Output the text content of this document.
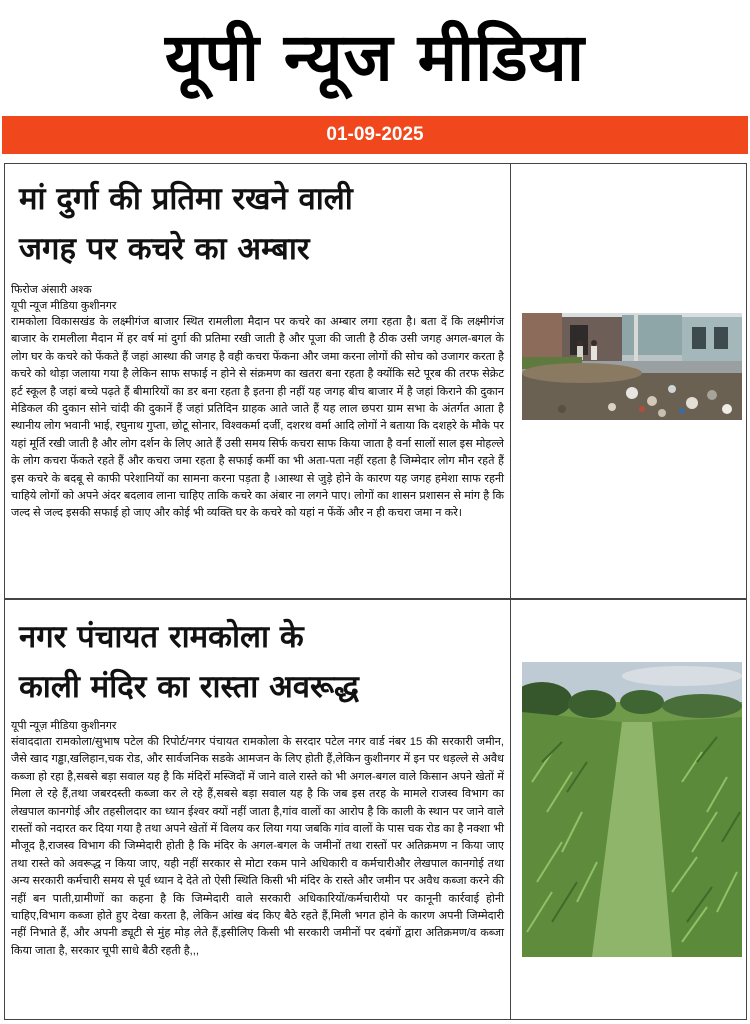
यूपी न्यूज मीडिया
01-09-2025
मां दुर्गा की प्रतिमा रखने वाली
जगह पर कचरे का अम्बार
फिरोज अंसारी अश्क
यूपी न्यूज मीडिया कुशीनगर

रामकोला विकासखंड के लक्ष्मीगंज बाजार स्थित रामलीला मैदान पर कचरे का अम्बार लगा रहता है। बता दें कि लक्ष्मीगंज बाजार के रामलीला मैदान में हर वर्ष मां दुर्गा की प्रतिमा रखी जाती है और पूजा की जाती है ठीक उसी जगह अगल-बगल के लोग घर के कचरे को फेंकते हैं जहां आस्था की जगह है वही कचरा फेंकना और जमा करना लोगों की सोच को उजागर करता है कचरे को थोड़ा जलाया गया है लेकिन साफ सफाई न होने से संक्रमण का खतरा बना रहता है क्योंकि सटे पूरब की तरफ सेक्रेट हर्ट स्कूल है जहां बच्चे पढ़ते हैं बीमारियों का डर बना रहता है इतना ही नहीं यह जगह बीच बाजार में है जहां किराने की दुकान मेडिकल की दुकान सोने चांदी की दुकानें हैं जहां प्रतिदिन ग्राहक आते जाते हैं यह लाल छपरा ग्राम सभा के अंतर्गत आता है स्थानीय लोग भवानी भाई, रघुनाथ गुप्ता, छोटू सोनार, विश्वकर्मा दर्जी, दशरथ वर्मा आदि लोगों ने बताया कि दशहरे के मौके पर यहां मूर्ति रखी जाती है और लोग दर्शन के लिए आते हैं उसी समय सिर्फ कचरा साफ किया जाता है वर्ना सालों साल इस मोहल्ले के लोग कचरा फेंकते रहते हैं और कचरा जमा रहता है सफाई कर्मी का भी अता-पता नहीं रहता है जिम्मेदार लोग मौन रहते हैं इस कचरे के बदबू से काफी परेशानियों का सामना करना पड़ता है ।आस्था से जुड़े होने के कारण यह जगह हमेशा साफ रहनी चाहिये लोगों को अपने अंदर बदलाव लाना चाहिए ताकि कचरे का अंबार ना लगने पाए। लोगों का शासन प्रशासन से मांग है कि जल्द से जल्द इसकी सफाई हो जाए और कोई भी व्यक्ति घर के कचरे को यहां न फेंकें और न ही कचरा जमा न करे।

नगर पंचायत रामकोला के
काली मंदिर का रास्ता अवरूद्ध
यूपी न्यूज़ मीडिया कुशीनगर

संवाददाता रामकोला/सुभाष पटेल की रिपोर्ट/नगर पंचायत रामकोला के सरदार पटेल नगर वार्ड नंबर 15 की सरकारी जमीन, जैसे खाद गड्ढा,खलिहान,चक रोड, और सार्वजनिक सडके आमजन के लिए होती हैं,लेकिन कुशीनगर में इन पर धड़ल्ले से अवैध कब्जा हो रहा है,सबसे बड़ा सवाल यह है कि मंदिरों मस्जिदों में जाने वाले रास्ते को भी अगल-बगल वाले किसान अपने खेतों में मिला ले रहे हैं,तथा जबरदस्ती कब्जा कर ले रहे हैं,सबसे बड़ा सवाल यह है कि जब इस तरह के मामले राजस्व विभाग का लेखपाल कानगोई और तहसीलदार का ध्यान ईश्वर क्यों नहीं जाता है,गांव वालों का आरोप है कि काली के स्थान पर जाने वाले रास्तों को नदारत कर दिया गया है तथा अपने खेतों में विलय कर लिया गया जबकि गांव वालों के पास चक रोड का है नक्शा भी मौजूद है,राजस्व विभाग की जिम्मेदारी होती है कि मंदिर के अगल-बगल के जमीनों तथा रास्तों पर अतिक्रमण न किया जाए तथा रास्ते को अवरूद्ध न किया जाए, यही नहीं सरकार से मोटा रकम पाने अधिकारी व कर्मचारीऔर लेखपाल कानगोई तथा अन्य सरकारी कर्मचारी समय से पूर्व ध्यान दे देते तो ऐसी स्थिति किसी भी मंदिर के रास्ते और जमीन पर अवैध कब्जा करने की नहीं बन पाती,ग्रामीणों का कहना है कि जिम्मेदारी वाले सरकारी अधिकारियों/कर्मचारीयो पर कानूनी कार्रवाई होनी चाहिए,विभाग कब्जा होते हुए देखा करता है, लेकिन आंख बंद किए बैठे रहते हैं,मिली भगत होने के कारण अपनी जिम्मेदारी नहीं निभाते हैं, और अपनी ड्यूटी से मुंह मोड़ लेते हैं,इसीलिए किसी भी सरकारी जमीनों पर दबंगों द्वारा अतिक्रमण/व कब्जा किया जाता है, सरकार चूपी साधे बैठी रहती है,,,
